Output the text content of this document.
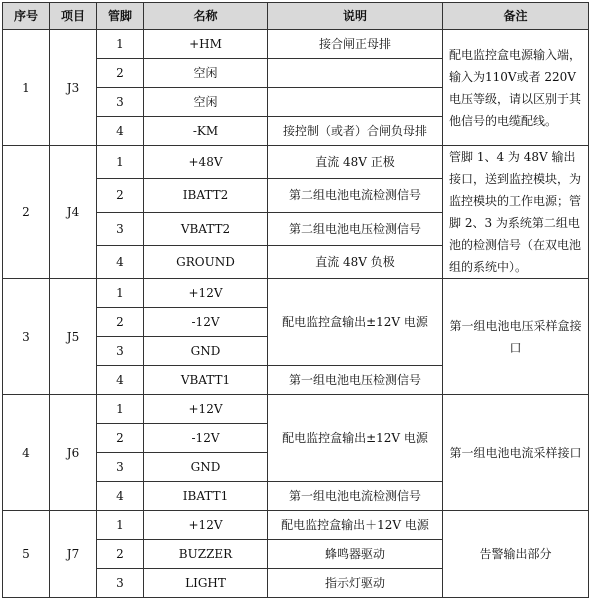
序号	项目	管脚	名称	说明	备注
1	J3	1	+HM	接合闸正母排	配电监控盒电源输入端，输入为110V或者 220V电压等级，请以区别于其他信号的电缆配线。
		2	空闲		
		3	空闲		
		4	-KM	接控制（或者）合闸负母排	
2	J4	1	+48V	直流 48V 正极	管脚 1、4 为 48V 输出接口，送到监控模块，为监控模块的工作电源；管脚 2、3 为系统第二组电池的检测信号（在双电池组的系统中）。
		2	IBATT2	第二组电池电流检测信号	
		3	VBATT2	第二组电池电压检测信号	
		4	GROUND	直流 48V 负极	
3	J5	1	+12V	配电监控盒输出±12V 电源	第一组电池电压采样盒接口
		2	-12V		
		3	GND		
		4	VBATT1	第一组电池电压检测信号	
4	J6	1	+12V	配电监控盒输出±12V 电源	第一组电池电流采样接口
		2	-12V		
		3	GND		
		4	IBATT1	第一组电池电流检测信号	
5	J7	1	+12V	配电监控盒输出＋12V 电源	告警输出部分
		2	BUZZER	蜂鸣器驱动	
		3	LIGHT	指示灯驱动	
